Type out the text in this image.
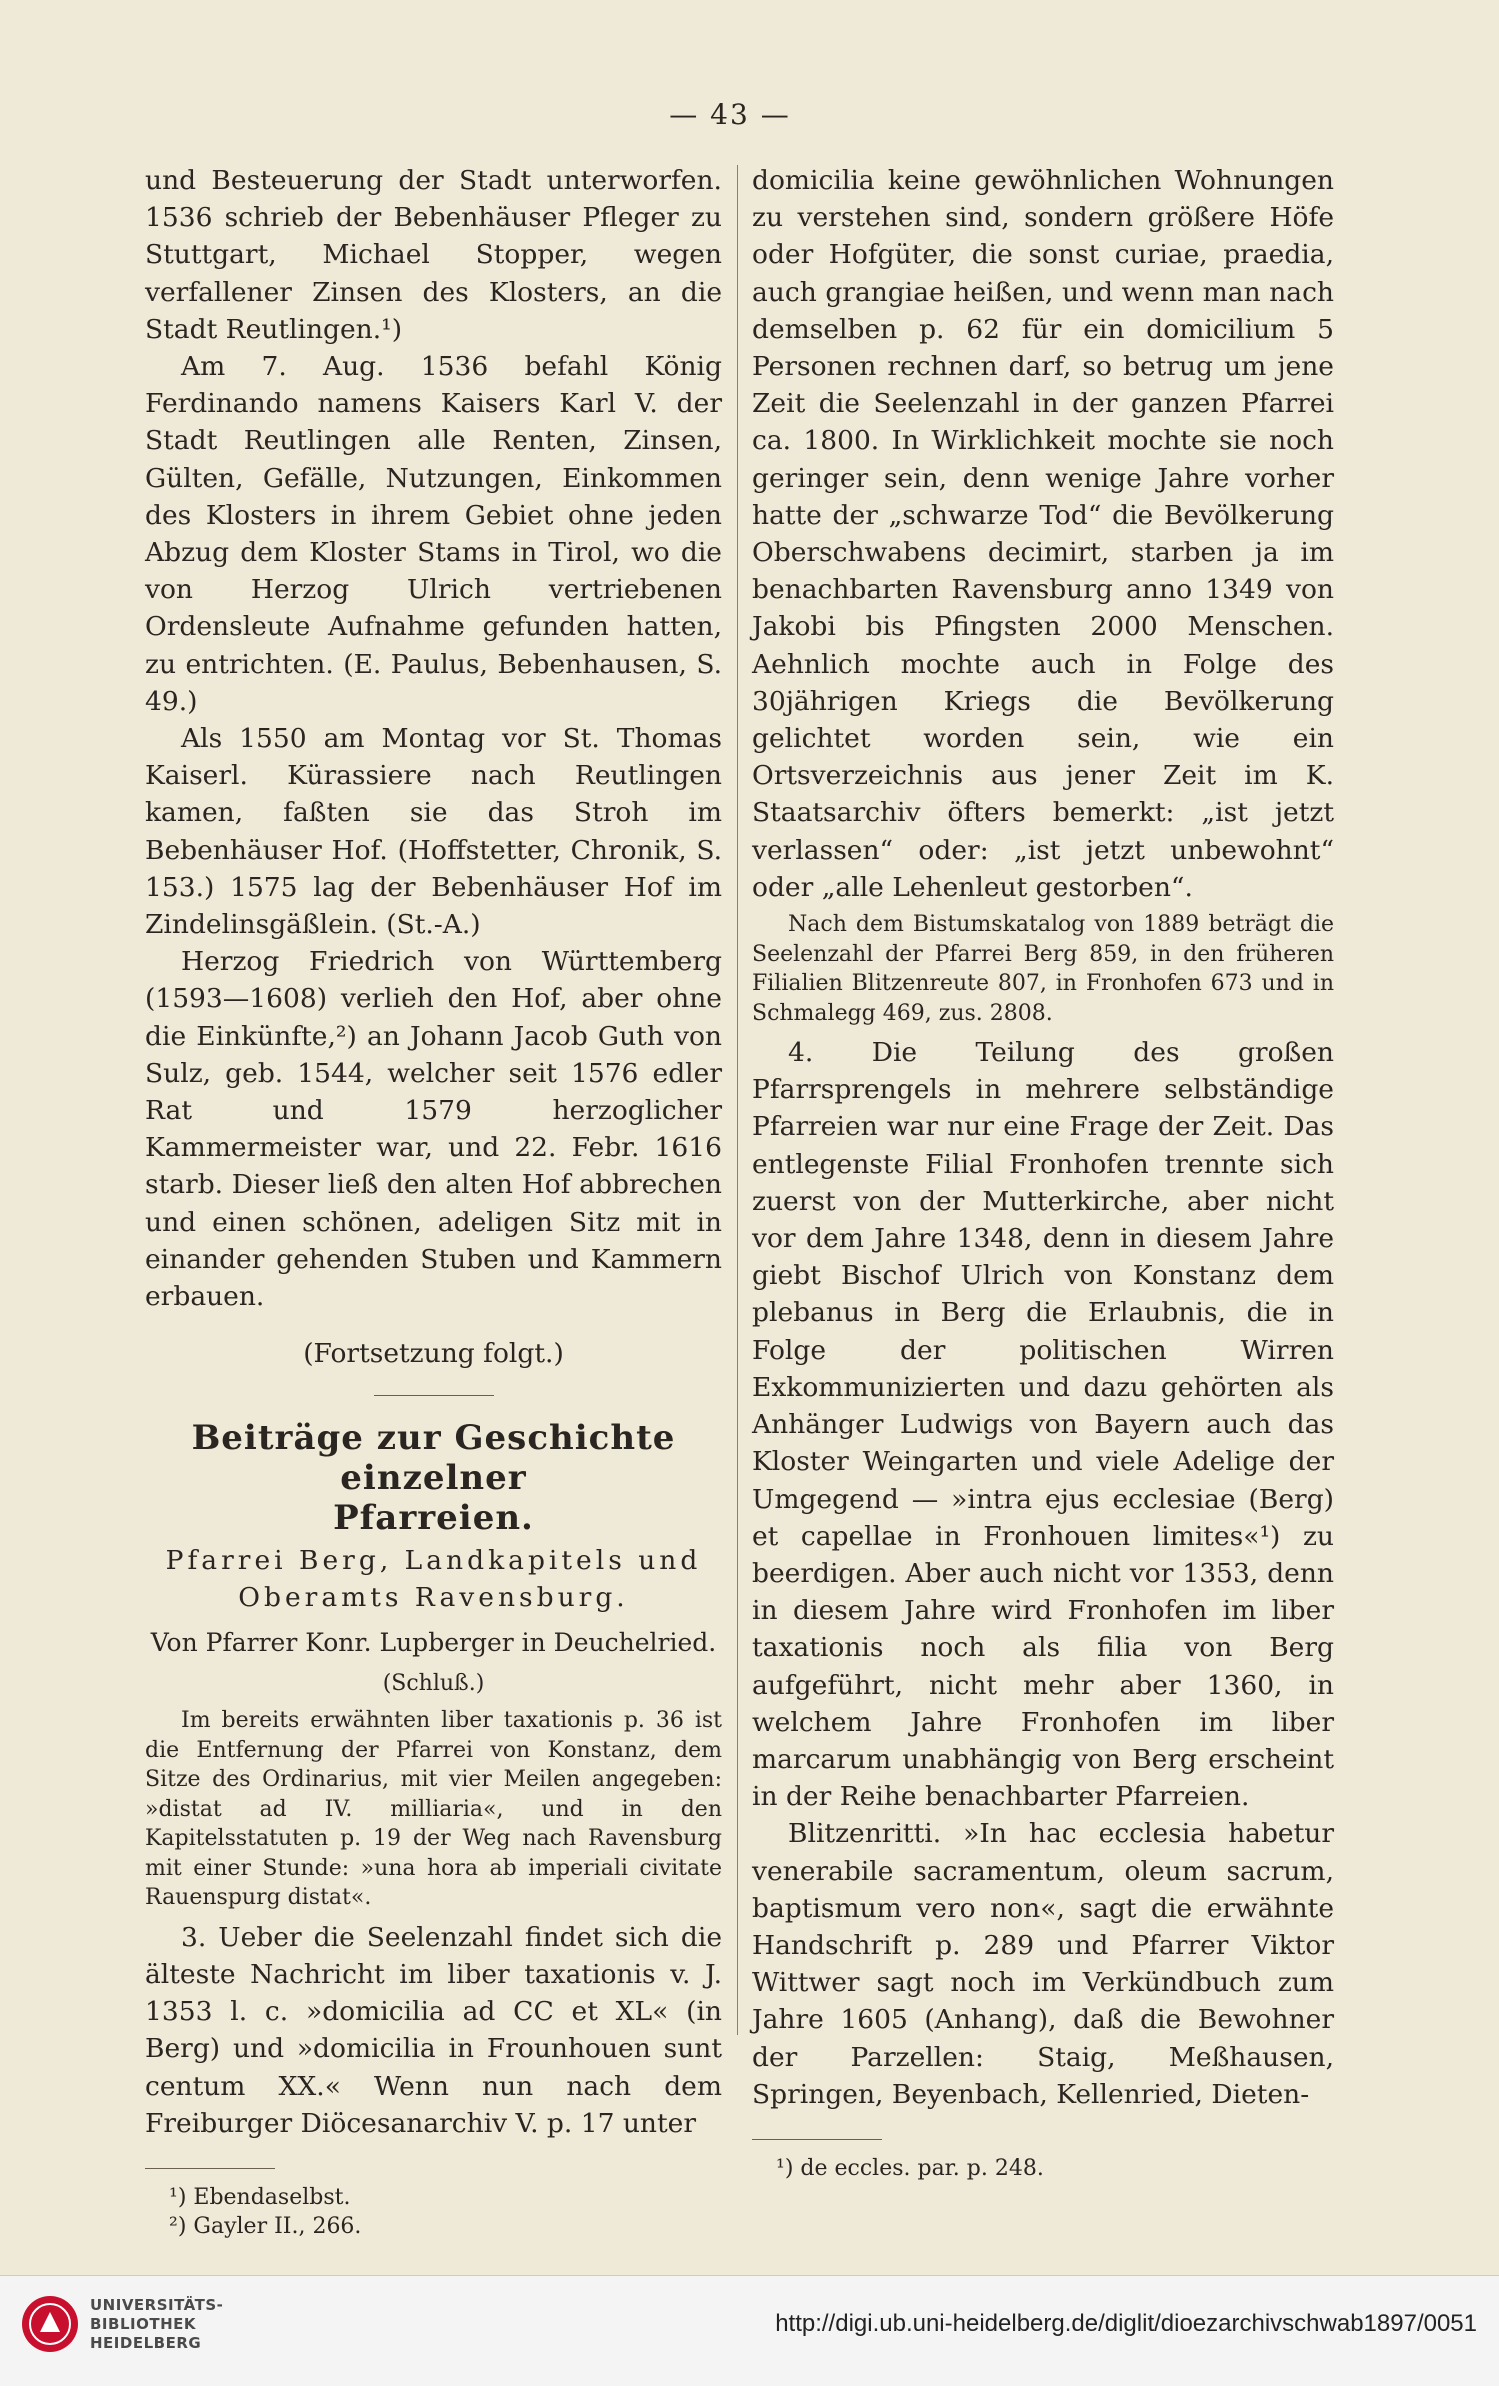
— 43 —

und Besteuerung der Stadt unterworfen. 1536 schrieb der Bebenhäuser Pfleger zu Stuttgart, Michael Stopper, wegen verfallener Zinsen des Klosters, an die Stadt Reutlingen.¹)

Am 7. Aug. 1536 befahl König Ferdinando namens Kaisers Karl V. der Stadt Reutlingen alle Renten, Zinsen, Gülten, Gefälle, Nutzungen, Einkommen des Klosters in ihrem Gebiet ohne jeden Abzug dem Kloster Stams in Tirol, wo die von Herzog Ulrich vertriebenen Ordensleute Aufnahme gefunden hatten, zu entrichten. (E. Paulus, Bebenhausen, S. 49.)

Als 1550 am Montag vor St. Thomas Kaiserl. Kürassiere nach Reutlingen kamen, faßten sie das Stroh im Bebenhäuser Hof. (Hoffstetter, Chronik, S. 153.) 1575 lag der Bebenhäuser Hof im Zindelinsgäßlein. (St.-A.)

Herzog Friedrich von Württemberg (1593—1608) verlieh den Hof, aber ohne die Einkünfte,²) an Johann Jacob Guth von Sulz, geb. 1544, welcher seit 1576 edler Rat und 1579 herzoglicher Kammermeister war, und 22. Febr. 1616 starb. Dieser ließ den alten Hof abbrechen und einen schönen, adeligen Sitz mit in einander gehenden Stuben und Kammern erbauen.

(Fortsetzung folgt.)

Beiträge zur Geschichte einzelner
Pfarreien.
Pfarrei Berg, Landkapitels und
Oberamts Ravensburg.
Von Pfarrer Konr. Lupberger in Deuchelried.
(Schluß.)

Im bereits erwähnten liber taxationis p. 36 ist die Entfernung der Pfarrei von Konstanz, dem Sitze des Ordinarius, mit vier Meilen angegeben: »distat ad IV. milliaria«, und in den Kapitelsstatuten p. 19 der Weg nach Ravensburg mit einer Stunde: »una hora ab imperiali civitate Rauenspurg distat«.

3. Ueber die Seelenzahl findet sich die älteste Nachricht im liber taxationis v. J. 1353 l. c. »domicilia ad CC et XL« (in Berg) und »domicilia in Frounhouen sunt centum XX.« Wenn nun nach dem Freiburger Diöcesanarchiv V. p. 17 unter

¹) Ebendaselbst.
²) Gayler II., 266.

domicilia keine gewöhnlichen Wohnungen zu verstehen sind, sondern größere Höfe oder Hofgüter, die sonst curiae, praedia, auch grangiae heißen, und wenn man nach demselben p. 62 für ein domicilium 5 Personen rechnen darf, so betrug um jene Zeit die Seelenzahl in der ganzen Pfarrei ca. 1800. In Wirklichkeit mochte sie noch geringer sein, denn wenige Jahre vorher hatte der „schwarze Tod“ die Bevölkerung Oberschwabens decimirt, starben ja im benachbarten Ravensburg anno 1349 von Jakobi bis Pfingsten 2000 Menschen. Aehnlich mochte auch in Folge des 30jährigen Kriegs die Bevölkerung gelichtet worden sein, wie ein Ortsverzeichnis aus jener Zeit im K. Staatsarchiv öfters bemerkt: „ist jetzt verlassen“ oder: „ist jetzt unbewohnt“ oder „alle Lehenleut gestorben“.

Nach dem Bistumskatalog von 1889 beträgt die Seelenzahl der Pfarrei Berg 859, in den früheren Filialien Blitzenreute 807, in Fronhofen 673 und in Schmalegg 469, zus. 2808.

4. Die Teilung des großen Pfarrsprengels in mehrere selbständige Pfarreien war nur eine Frage der Zeit. Das entlegenste Filial Fronhofen trennte sich zuerst von der Mutterkirche, aber nicht vor dem Jahre 1348, denn in diesem Jahre giebt Bischof Ulrich von Konstanz dem plebanus in Berg die Erlaubnis, die in Folge der politischen Wirren Exkommunizierten und dazu gehörten als Anhänger Ludwigs von Bayern auch das Kloster Weingarten und viele Adelige der Umgegend — »intra ejus ecclesiae (Berg) et capellae in Fronhouen limites«¹) zu beerdigen. Aber auch nicht vor 1353, denn in diesem Jahre wird Fronhofen im liber taxationis noch als filia von Berg aufgeführt, nicht mehr aber 1360, in welchem Jahre Fronhofen im liber marcarum unabhängig von Berg erscheint in der Reihe benachbarter Pfarreien.

Blitzenritti. »In hac ecclesia habetur venerabile sacramentum, oleum sacrum, baptismum vero non«, sagt die erwähnte Handschrift p. 289 und Pfarrer Viktor Wittwer sagt noch im Verkündbuch zum Jahre 1605 (Anhang), daß die Bewohner der Parzellen: Staig, Meßhausen, Springen, Beyenbach, Kellenried, Dieten-

¹) de eccles. par. p. 248.
UNIVERSITÄTS-
BIBLIOTHEK
HEIDELBERG
http://digi.ub.uni-heidelberg.de/diglit/dioezarchivschwab1897/0051
